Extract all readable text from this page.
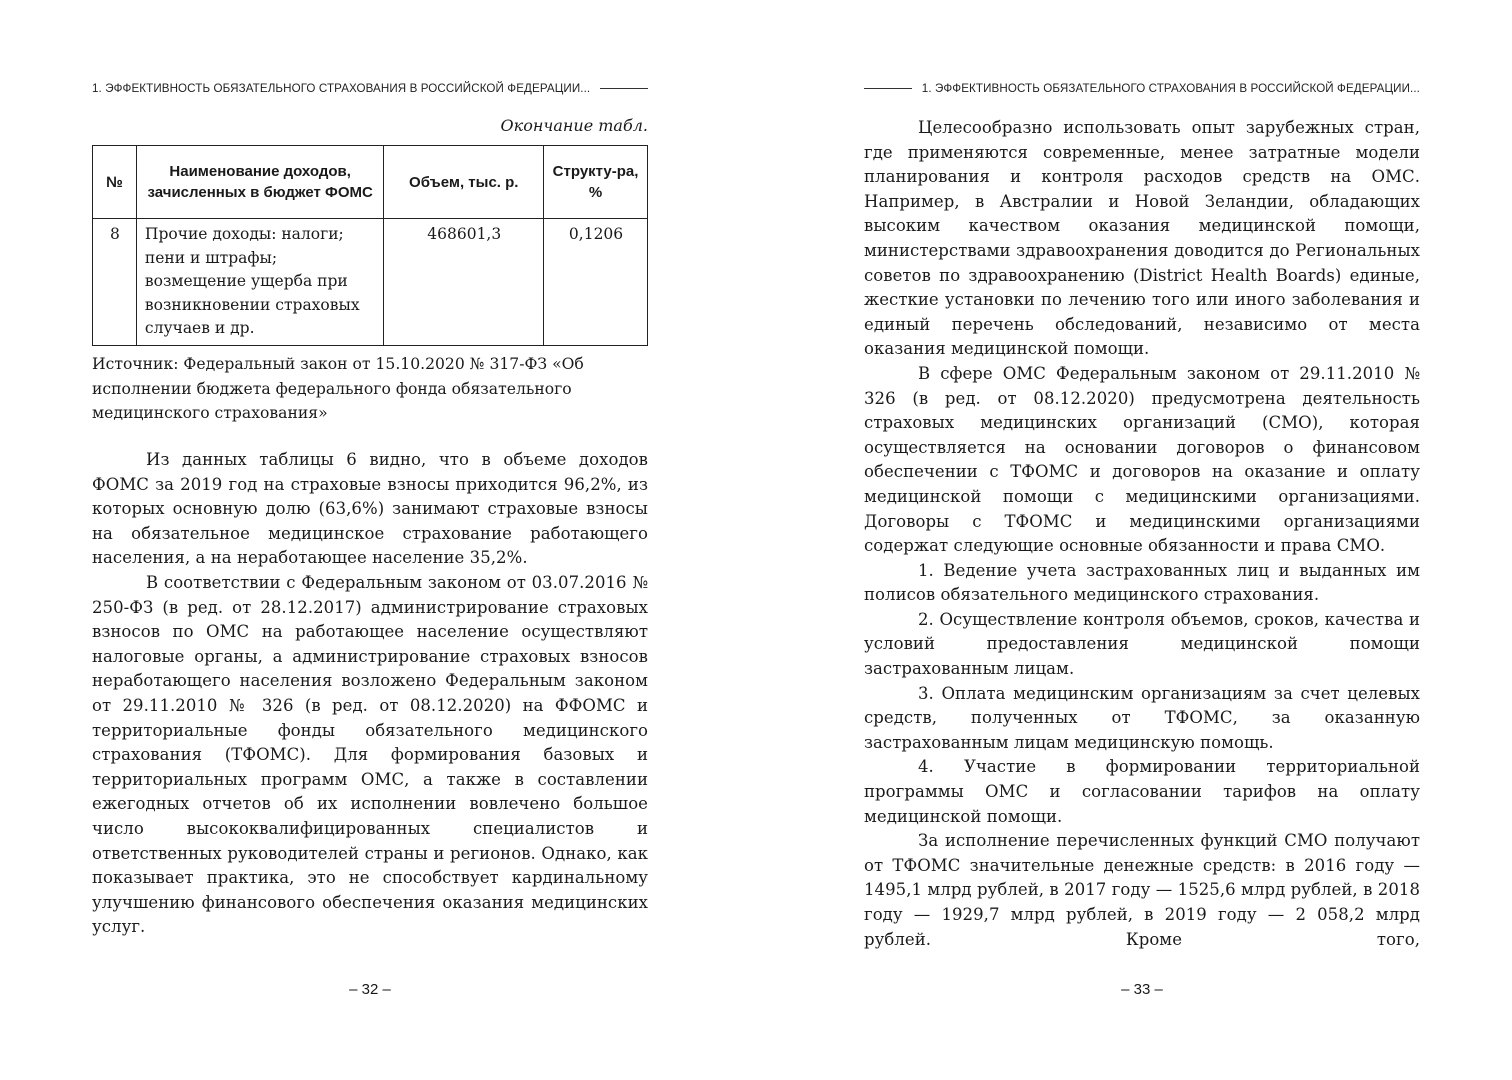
1. ЭФФЕКТИВНОСТЬ ОБЯЗАТЕЛЬНОГО СТРАХОВАНИЯ В РОССИЙСКОЙ ФЕДЕРАЦИИ...
Окончание табл.
№	Наименование доходов, зачисленных в бюджет ФОМС	Объем, тыс. р.	Структу-ра, %
8	Прочие доходы: налоги; пени и штрафы; возмещение ущерба при возникновении страховых случаев и др.	468601,3	0,1206
Источник: Федеральный закон от 15.10.2020 № 317-ФЗ «Об исполнении бюджета федерального фонда обязательного медицинского страхования»

Из данных таблицы 6 видно, что в объеме доходов ФОМС за 2019 год на страховые взносы приходится 96,2%, из которых основную долю (63,6%) занимают страховые взносы на обязательное медицинское страхование работающего населения, а на неработающее население 35,2%.

В соответствии с Федеральным законом от 03.07.2016 № 250-ФЗ (в ред. от 28.12.2017) администрирование страховых взносов по ОМС на работающее население осуществляют налоговые органы, а администрирование страховых взносов неработающего населения возложено Федеральным законом от 29.11.2010 № 326 (в ред. от 08.12.2020) на ФФОМС и территориальные фонды обязательного медицинского страхования (ТФОМС). Для формирования базовых и территориальных программ ОМС, а также в составлении ежегодных отчетов об их исполнении вовлечено большое число высококвалифицированных специалистов и ответственных руководителей страны и регионов. Однако, как показывает практика, это не способствует кардинальному улучшению финансового обеспечения оказания медицинских услуг.

– 32 –
1. ЭФФЕКТИВНОСТЬ ОБЯЗАТЕЛЬНОГО СТРАХОВАНИЯ В РОССИЙСКОЙ ФЕДЕРАЦИИ...

Целесообразно использовать опыт зарубежных стран, где применяются современные, менее затратные модели планирования и контроля расходов средств на ОМС. Например, в Австралии и Новой Зеландии, обладающих высоким качеством оказания медицинской помощи, министерствами здравоохранения доводится до Региональных советов по здравоохранению (District Health Boards) единые, жесткие установки по лечению того или иного заболевания и единый перечень обследований, независимо от места оказания медицинской помощи.

В сфере ОМС Федеральным законом от 29.11.2010 № 326 (в ред. от 08.12.2020) предусмотрена деятельность страховых медицинских организаций (СМО), которая осуществляется на основании договоров о финансовом обеспечении с ТФОМС и договоров на оказание и оплату медицинской помощи с медицинскими организациями. Договоры с ТФОМС и медицинскими организациями содержат следующие основные обязанности и права СМО.

1. Ведение учета застрахованных лиц и выданных им полисов обязательного медицинского страхования.

2. Осуществление контроля объемов, сроков, качества и условий предоставления медицинской помощи застрахованным лицам.

3. Оплата медицинским организациям за счет целевых средств, полученных от ТФОМС, за оказанную застрахованным лицам медицинскую помощь.

4. Участие в формировании территориальной программы ОМС и согласовании тарифов на оплату медицинской помощи.

За исполнение перечисленных функций СМО получают от ТФОМС значительные денежные средств: в 2016 году — 1495,1 млрд рублей, в 2017 году — 1525,6 млрд рублей, в 2018 году — 1929,7 млрд рублей, в 2019 году — 2 058,2 млрд рублей. Кроме того,

– 33 –
